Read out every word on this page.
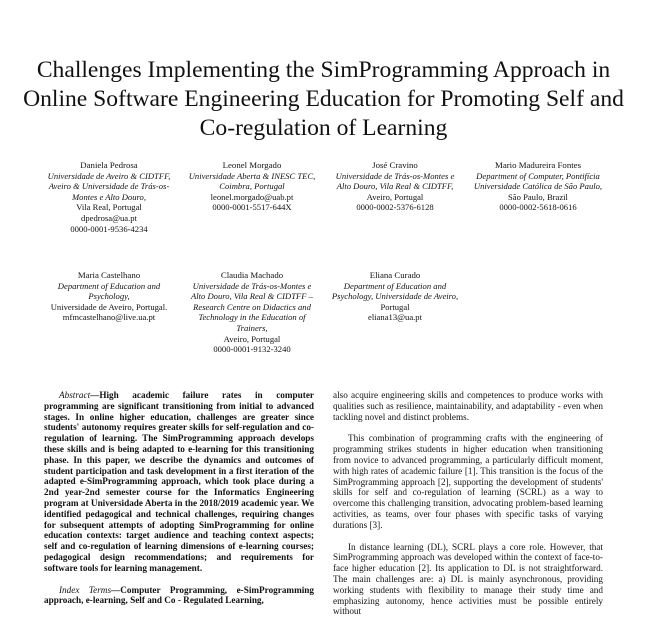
Challenges Implementing the SimProgramming Approach in Online Software Engineering Education for Promoting Self and Co-regulation of Learning
Daniela Pedrosa
Universidade de Aveiro & CIDTFF, Aveiro & Universidade de Trás-os-Montes e Alto Douro,
Vila Real, Portugal
dpedrosa@ua.pt
0000-0001-9536-4234
Leonel Morgado
Universidade Aberta & INESC TEC, Coimbra, Portugal
leonel.morgado@uab.pt
0000-0001-5517-644X
José Cravino
Universidade de Trás-os-Montes e Alto Douro, Vila Real & CIDTFF,
Aveiro, Portugal
0000-0002-5376-6128
Mario Madureira Fontes
Department of Computer, Pontifícia Universidade Católica de São Paulo,
São Paulo, Brazil
0000-0002-5618-0616
Maria Castelhano
Department of Education and Psychology,
Universidade de Aveiro, Portugal.
mfmcastelhano@live.ua.pt
Claudia Machado
Universidade de Trás-os-Montes e Alto Douro, Vila Real & CIDTFF – Research Centre on Didactics and Technology in the Education of Trainers,
Aveiro, Portugal
0000-0001-9132-3240
Eliana Curado
Department of Education and Psychology, Universidade de Aveiro,
Portugal
eliana13@ua.pt

Abstract—High academic failure rates in computer programming are significant transitioning from initial to advanced stages. In online higher education, challenges are greater since students' autonomy requires greater skills for self-regulation and co-regulation of learning. The SimProgramming approach develops these skills and is being adapted to e-learning for this transitioning phase. In this paper, we describe the dynamics and outcomes of student participation and task development in a first iteration of the adapted e-SimProgramming approach, which took place during a 2nd year-2nd semester course for the Informatics Engineering program at Universidade Aberta in the 2018/2019 academic year. We identified pedagogical and technical challenges, requiring changes for subsequent attempts of adopting SimProgramming for online education contexts: target audience and teaching context aspects; self and co-regulation of learning dimensions of e-learning courses; pedagogical design recommendations; and requirements for software tools for learning management.

Index Terms—Computer Programming, e-SimProgramming approach, e-learning, Self and Co - Regulated Learning,

also acquire engineering skills and competences to produce works with qualities such as resilience, maintainability, and adaptability - even when tackling novel and distinct problems.

This combination of programming crafts with the engineering of programming strikes students in higher education when transitioning from novice to advanced programming, a particularly difficult moment, with high rates of academic failure [1]. This transition is the focus of the SimProgramming approach [2], supporting the development of students' skills for self and co-regulation of learning (SCRL) as a way to overcome this challenging transition, advocating problem-based learning activities, as teams, over four phases with specific tasks of varying durations [3].

In distance learning (DL), SCRL plays a core role. However, that SimProgramming approach was developed within the context of face-to-face higher education [2]. Its application to DL is not straightforward. The main challenges are: a) DL is mainly asynchronous, providing working students with flexibility to manage their study time and emphasizing autonomy, hence activities must be possible entirely without
